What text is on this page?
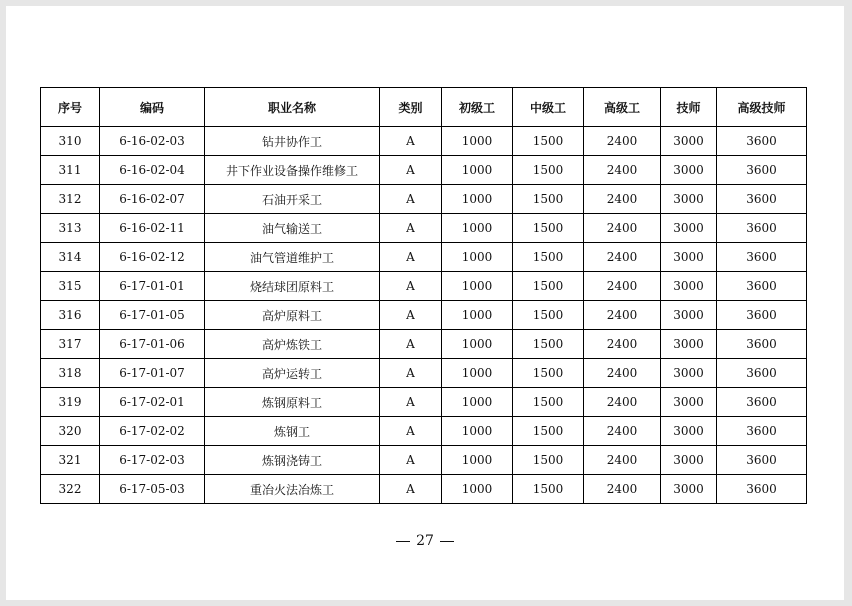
序号	编码	职业名称	类别	初级工	中级工	高级工	技师	高级技师
310	6-16-02-03	钻井协作工	A	1000	1500	2400	3000	3600
311	6-16-02-04	井下作业设备操作维修工	A	1000	1500	2400	3000	3600
312	6-16-02-07	石油开采工	A	1000	1500	2400	3000	3600
313	6-16-02-11	油气输送工	A	1000	1500	2400	3000	3600
314	6-16-02-12	油气管道维护工	A	1000	1500	2400	3000	3600
315	6-17-01-01	烧结球团原料工	A	1000	1500	2400	3000	3600
316	6-17-01-05	高炉原料工	A	1000	1500	2400	3000	3600
317	6-17-01-06	高炉炼铁工	A	1000	1500	2400	3000	3600
318	6-17-01-07	高炉运转工	A	1000	1500	2400	3000	3600
319	6-17-02-01	炼钢原料工	A	1000	1500	2400	3000	3600
320	6-17-02-02	炼钢工	A	1000	1500	2400	3000	3600
321	6-17-02-03	炼钢浇铸工	A	1000	1500	2400	3000	3600
322	6-17-05-03	重冶火法冶炼工	A	1000	1500	2400	3000	3600
27
